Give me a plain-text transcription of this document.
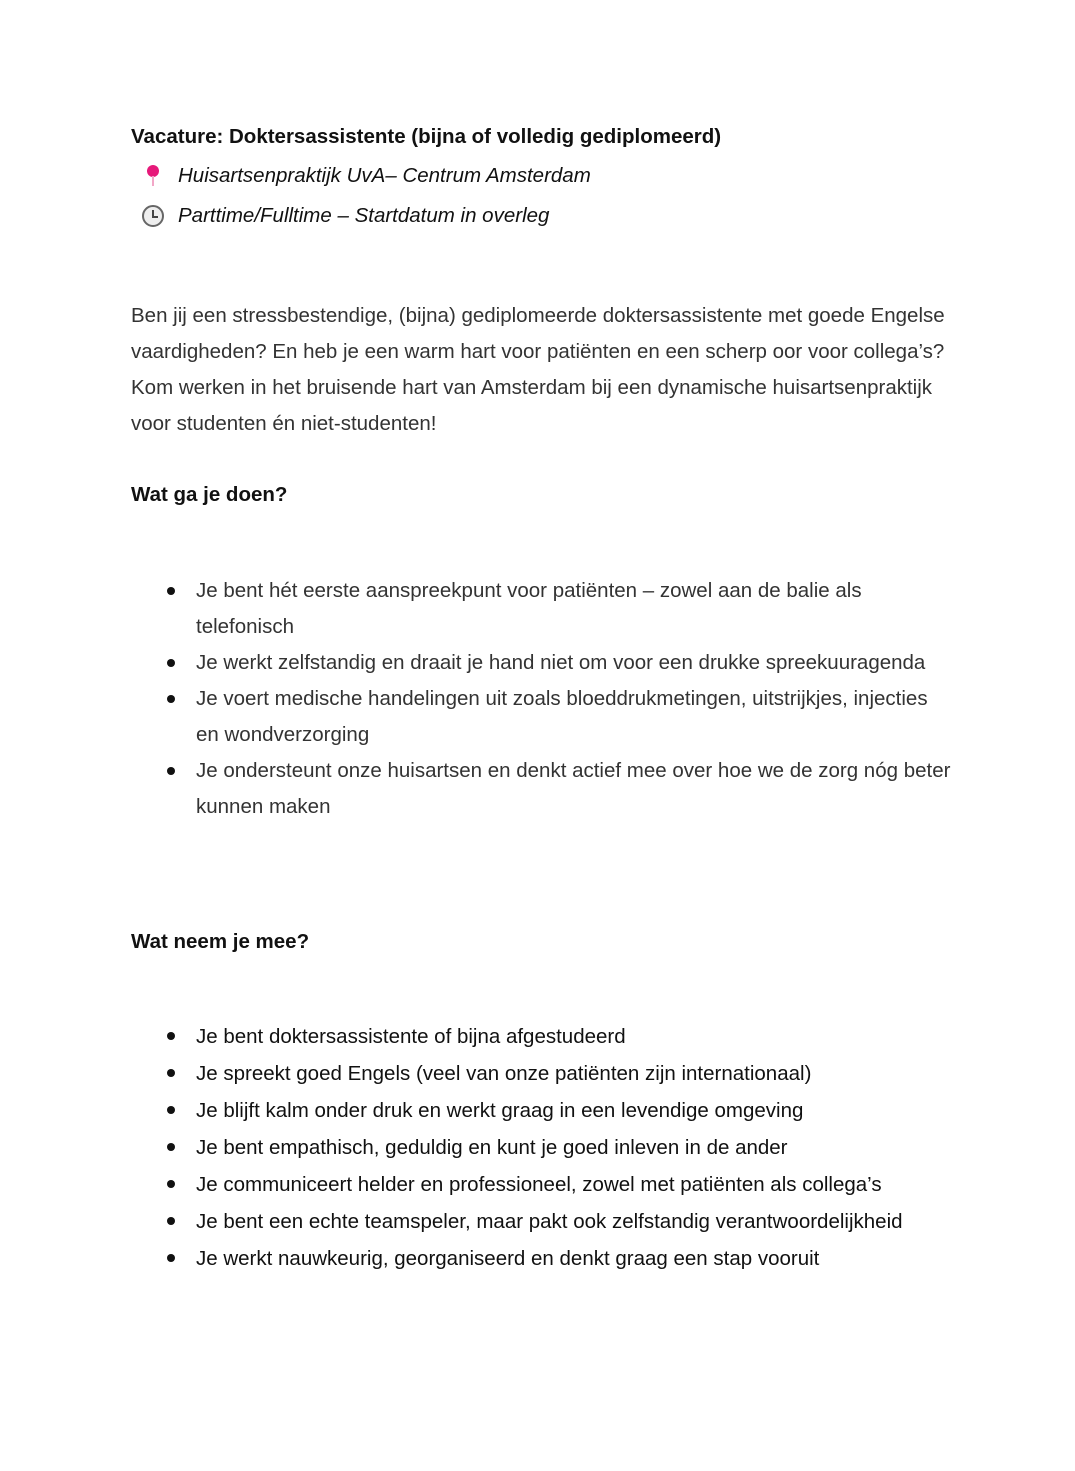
Vacature: Doktersassistente (bijna of volledig gediplomeerd)
Huisartsenpraktijk UvA– Centrum Amsterdam
Parttime/Fulltime – Startdatum in overleg
Ben jij een stressbestendige, (bijna) gediplomeerde doktersassistente met goede Engelse vaardigheden? En heb je een warm hart voor patiënten en een scherp oor voor collega’s? Kom werken in het bruisende hart van Amsterdam bij een dynamische huisartsenpraktijk voor studenten én niet-studenten!
Wat ga je doen?
Je bent hét eerste aanspreekpunt voor patiënten – zowel aan de balie als telefonisch
Je werkt zelfstandig en draait je hand niet om voor een drukke spreekuuragenda
Je voert medische handelingen uit zoals bloeddrukmetingen, uitstrijkjes, injecties en wondverzorging
Je ondersteunt onze huisartsen en denkt actief mee over hoe we de zorg nóg beter kunnen maken
Wat neem je mee?
Je bent doktersassistente of bijna afgestudeerd
Je spreekt goed Engels (veel van onze patiënten zijn internationaal)
Je blijft kalm onder druk en werkt graag in een levendige omgeving
Je bent empathisch, geduldig en kunt je goed inleven in de ander
Je communiceert helder en professioneel, zowel met patiënten als collega’s
Je bent een echte teamspeler, maar pakt ook zelfstandig verantwoordelijkheid
Je werkt nauwkeurig, georganiseerd en denkt graag een stap vooruit
